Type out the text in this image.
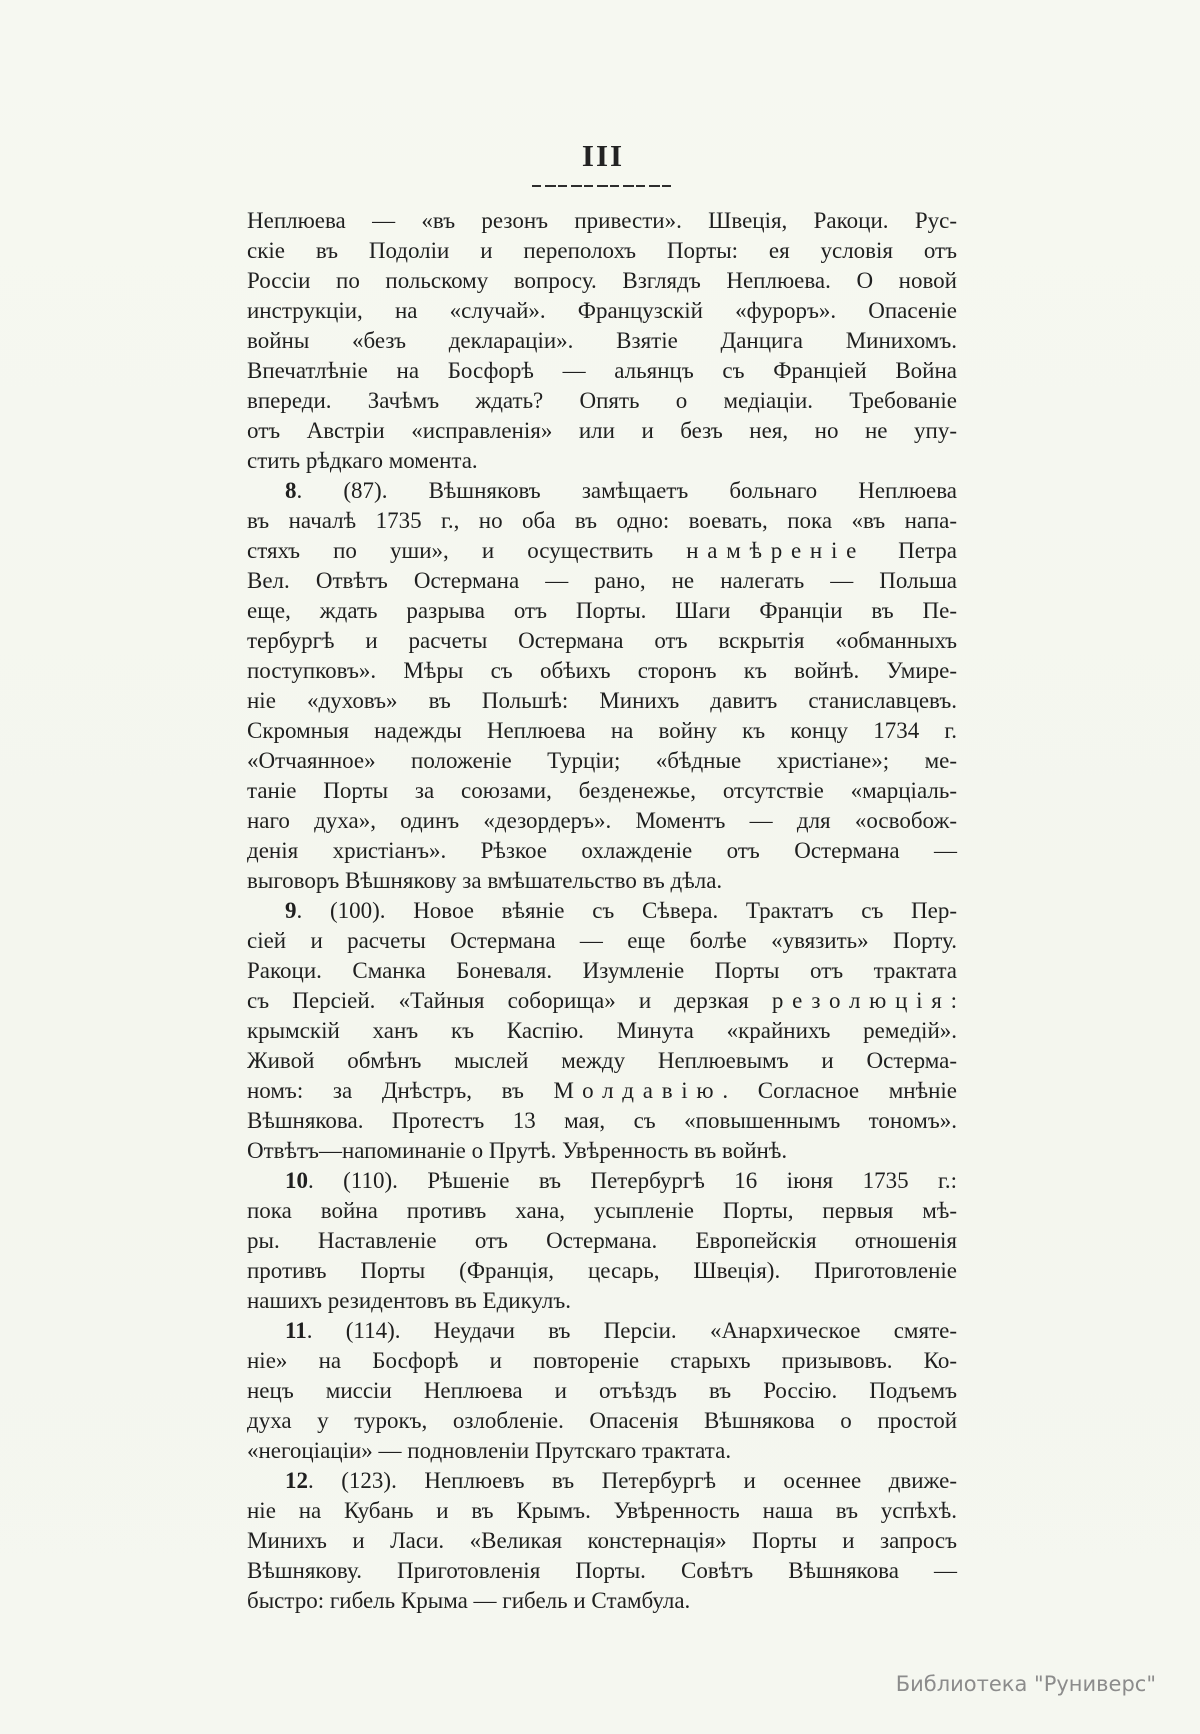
III
Неплюева — «въ резонъ привести». Швеція, Ракоци. Рус-
скіе въ Подоліи и переполохъ Порты: ея условія отъ
Россіи по польскому вопросу. Взглядъ Неплюева. О новой
инструкціи, на «случай». Французскій «фуроръ». Опасеніе
войны «безъ деклараціи». Взятіе Данцига Минихомъ.
Впечатлѣніе на Босфорѣ — альянцъ съ Франціей Война
впереди. Зачѣмъ ждать? Опять о медіаціи. Требованіе
отъ Австріи «исправленія» или и безъ нея, но не упу-
стить рѣдкаго момента.
8. (87). Вѣшняковъ замѣщаетъ больнаго Неплюева
въ началѣ 1735 г., но оба въ одно: воевать, пока «въ напа-
стяхъ по уши», и осуществить намѣреніе Петра
Вел. Отвѣтъ Остермана — рано, не налегать — Польша
еще, ждать разрыва отъ Порты. Шаги Франціи въ Пе-
тербургѣ и расчеты Остермана отъ вскрытія «обманныхъ
поступковъ». Мѣры съ обѣихъ сторонъ къ войнѣ. Умире-
ніе «духовъ» въ Польшѣ: Минихъ давитъ станиславцевъ.
Скромныя надежды Неплюева на войну къ концу 1734 г.
«Отчаянное» положеніе Турціи; «бѣдные христіане»; ме-
таніе Порты за союзами, безденежье, отсутствіе «марціаль-
наго духа», одинъ «дезордеръ». Моментъ — для «освобож-
денія христіанъ». Рѣзкое охлажденіе отъ Остермана —
выговоръ Вѣшнякову за вмѣшательство въ дѣла.
9. (100). Новое вѣяніе съ Сѣвера. Трактатъ съ Пер-
сіей и расчеты Остермана — еще болѣе «увязить» Порту.
Ракоци. Сманка Боневаля. Изумленіе Порты отъ трактата
съ Персіей. «Тайныя соборища» и дерзкая резолюція:
крымскій ханъ къ Каспію. Минута «крайнихъ ремедій».
Живой обмѣнъ мыслей между Неплюевымъ и Остерма-
номъ: за Днѣстръ, въ Молдавію. Согласное мнѣніе
Вѣшнякова. Протестъ 13 мая, съ «повышеннымъ тономъ».
Отвѣтъ—напоминаніе о Прутѣ. Увѣренность въ войнѣ.
10. (110). Рѣшеніе въ Петербургѣ 16 іюня 1735 г.:
пока война противъ хана, усыпленіе Порты, первыя мѣ-
ры. Наставленіе отъ Остермана. Европейскія отношенія
противъ Порты (Франція, цесарь, Швеція). Приготовленіе
нашихъ резидентовъ въ Едикулъ.
11. (114). Неудачи въ Персіи. «Анархическое смяте-
ніе» на Босфорѣ и повтореніе старыхъ призывовъ. Ко-
нецъ миссіи Неплюева и отъѣздъ въ Россію. Подъемъ
духа у турокъ, озлобленіе. Опасенія Вѣшнякова о простой
«негоціаціи» — подновленіи Прутскаго трактата.
12. (123). Неплюевъ въ Петербургѣ и осеннее движе-
ніе на Кубань и въ Крымъ. Увѣренность наша въ успѣхѣ.
Минихъ и Ласи. «Великая констернація» Порты и запросъ
Вѣшнякову. Приготовленія Порты. Совѣтъ Вѣшнякова —
быстро: гибель Крыма — гибель и Стамбула.
Библиотека "Руниверс"
